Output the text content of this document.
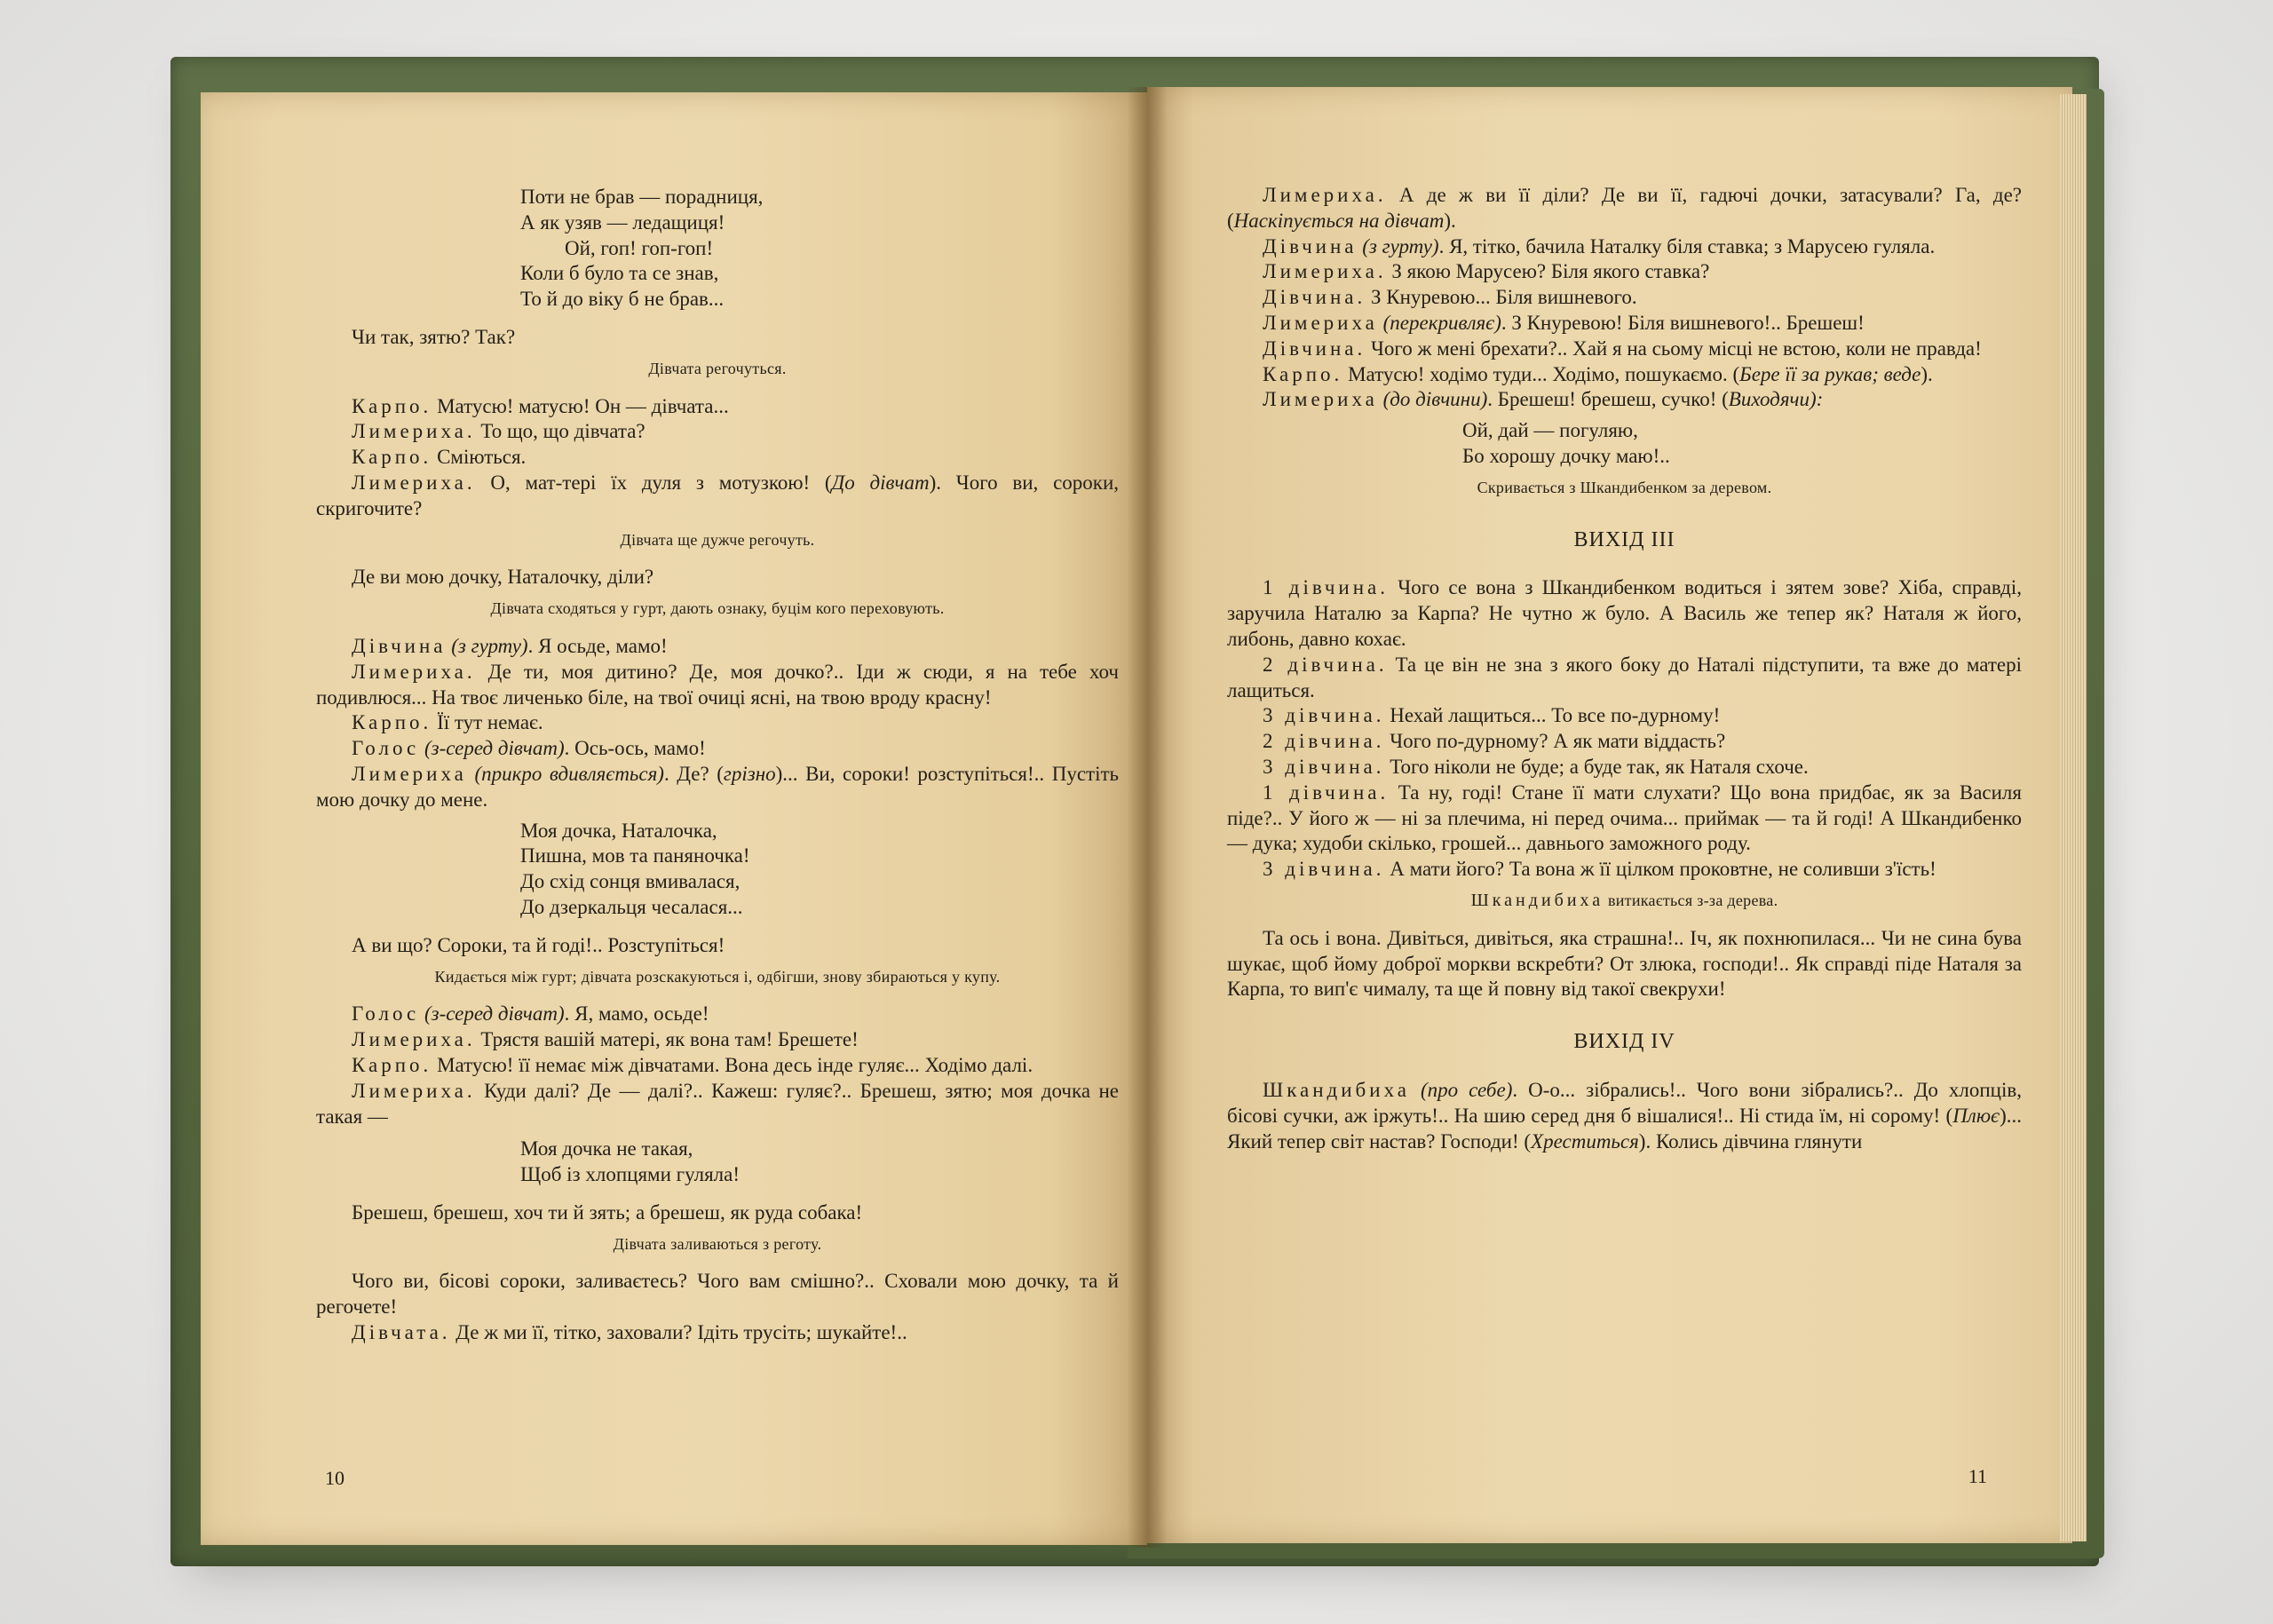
Поти не брав — порадниця,

А як узяв — ледащиця!

Ой, гоп! гоп-гоп!

Коли б було та се знав,

То й до віку б не брав...

Чи так, зятю? Так?

Дівчата регочуться.

Карпо. Матусю! матусю! Он — дівчата...

Лимериха. То що, що дівчата?

Карпо. Сміються.

Лимериха. О, мат-тері їх дуля з мотузкою! (До дівчат). Чого ви, сороки, скригочите?

Дівчата ще дужче регочуть.

Де ви мою дочку, Наталочку, діли?

Дівчата сходяться у гурт, дають ознаку, буцім кого переховують.

Дівчина (з гурту). Я осьде, мамо!

Лимериха. Де ти, моя дитино? Де, моя дочко?.. Іди ж сюди, я на тебе хоч подивлюся... На твоє личенько біле, на твої очиці ясні, на твою вроду красну!

Карпо. Її тут немає.

Голос (з-серед дівчат). Ось-ось, мамо!

Лимериха (прикро вдивляється). Де? (грізно)... Ви, сороки! розступіться!.. Пустіть мою дочку до мене.

Моя дочка, Наталочка,

Пишна, мов та паняночка!

До схід сонця вмивалася,

До дзеркальця чесалася...

А ви що? Сороки, та й годі!.. Розступіться!

Кидається між гурт; дівчата розскакуються і, одбігши, знову збираються у купу.

Голос (з-серед дівчат). Я, мамо, осьде!

Лимериха. Трястя вашій матері, як вона там! Брешете!

Карпо. Матусю! її немає між дівчатами. Вона десь інде гуляє... Ходімо далі.

Лимериха. Куди далі? Де — далі?.. Кажеш: гуляє?.. Брешеш, зятю; моя дочка не такая —

Моя дочка не такая,

Щоб із хлопцями гуляла!

Брешеш, брешеш, хоч ти й зять; а брешеш, як руда собака!

Дівчата заливаються з реготу.

Чого ви, бісові сороки, заливаєтесь? Чого вам смішно?.. Сховали мою дочку, та й регочете!

Дівчата. Де ж ми її, тітко, заховали? Ідіть трусіть; шукайте!..

10

Лимериха. А де ж ви її діли? Де ви її, гадючі дочки, затасували? Га, де? (Наскіпується на дівчат).

Дівчина (з гурту). Я, тітко, бачила Наталку біля ставка; з Марусею гуляла.

Лимериха. З якою Марусею? Біля якого ставка?

Дівчина. З Кнуревою... Біля вишневого.

Лимериха (перекривляє). З Кнуревою! Біля вишневого!.. Брешеш!

Дівчина. Чого ж мені брехати?.. Хай я на сьому місці не встою, коли не правда!

Карпо. Матусю! ходімо туди... Ходімо, пошукаємо. (Бере її за рукав; веде).

Лимериха (до дівчини). Брешеш! брешеш, сучко! (Виходячи):

Ой, дай — погуляю,

Бо хорошу дочку маю!..

Скривається з Шкандибенком за деревом.

ВИХІД III

1 дівчина. Чого се вона з Шкандибенком водиться і зятем зове? Хіба, справді, заручила Наталю за Карпа? Не чутно ж було. А Василь же тепер як? Наталя ж його, либонь, давно кохає.

2 дівчина. Та це він не зна з якого боку до Наталі підступити, та вже до матері лащиться.

3 дівчина. Нехай лащиться... То все по-дурному!

2 дівчина. Чого по-дурному? А як мати віддасть?

3 дівчина. Того ніколи не буде; а буде так, як Наталя схоче.

1 дівчина. Та ну, годі! Стане її мати слухати? Що вона придбає, як за Василя піде?.. У його ж — ні за плечима, ні перед очима... приймак — та й годі! А Шкандибенко — дука; худоби скілько, грошей... давнього заможного роду.

3 дівчина. А мати його? Та вона ж її цілком проковтне, не соливши з'їсть!

Шкандибиха витикається з-за дерева.

Та ось і вона. Дивіться, дивіться, яка страшна!.. Іч, як похнюпилася... Чи не сина бува шукає, щоб йому доброї моркви вскребти? От злюка, господи!.. Як справді піде Наталя за Карпа, то вип'є чималу, та ще й повну від такої свекрухи!

ВИХІД IV

Шкандибиха (про себе). О-о... зібрались!.. Чого вони зібрались?.. До хлопців, бісові сучки, аж іржуть!.. На шию серед дня б вішалися!.. Ні стида їм, ні сорому! (Плює)... Який тепер світ настав? Господи! (Хреститься). Колись дівчина глянути

11
